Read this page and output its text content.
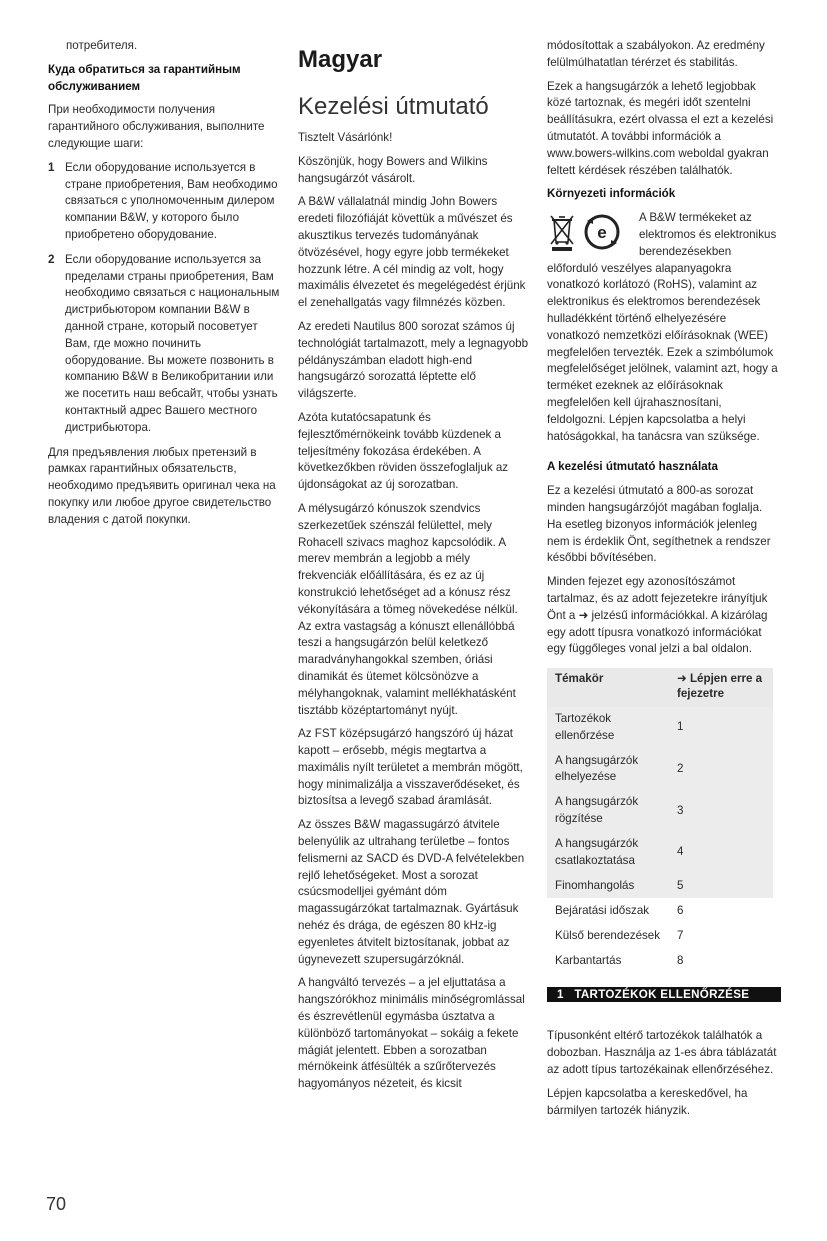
потребителя.

Куда обратиться за гарантийным обслуживанием

При необходимости получения гарантийного обслуживания, выполните следующие шаги:

1 Если оборудование используется в стране приобретения, Вам необходимо связаться с уполномоченным дилером компании B&W, у которого было приобретено оборудование.
2 Если оборудование используется за пределами страны приобретения, Вам необходимо связаться с национальным дистрибьютором компании B&W в данной стране, который посоветует Вам, где можно починить оборудование. Вы можете позвонить в компанию B&W в Великобритании или же посетить наш вебсайт, чтобы узнать контактный адрес Вашего местного дистрибьютора.

Для предъявления любых претензий в рамках гарантийных обязательств, необходимо предъявить оригинал чека на покупку или любое другое свидетельство владения с датой покупки.

Magyar
Kezelési útmutató

Tisztelt Vásárlónk!

Köszönjük, hogy Bowers and Wilkins hangsugárzót vásárolt.

A B&W vállalatnál mindig John Bowers eredeti filozófiáját követtük a művészet és akusztikus tervezés tudományának ötvözésével, hogy egyre jobb termékeket hozzunk létre. A cél mindig az volt, hogy maximális élvezetet és megelégedést érjünk el zenehallgatás vagy filmnézés közben.

Az eredeti Nautilus 800 sorozat számos új technológiát tartalmazott, mely a legnagyobb példányszámban eladott high-end hangsugárzó sorozattá léptette elő világszerte.

Azóta kutatócsapatunk és fejlesztőmérnökeink tovább küzdenek a teljesítmény fokozása érdekében. A következőkben röviden összefoglaljuk az újdonságokat az új sorozatban.

A mélysugárzó kónuszok szendvics szerkezetűek szénszál felülettel, mely Rohacell szivacs maghoz kapcsolódik. A merev membrán a legjobb a mély frekvenciák előállítására, és ez az új konstrukció lehetőséget ad a kónusz rész vékonyítására a tömeg növekedése nélkül. Az extra vastagság a kónuszt ellenállóbbá teszi a hangsugárzón belül keletkező maradványhangokkal szemben, óriási dinamikát és ütemet kölcsönözve a mélyhangoknak, valamint mellékhatásként tisztább középtartományt nyújt.

Az FST középsugárzó hangszóró új házat kapott – erősebb, mégis megtartva a maximális nyílt területet a membrán mögött, hogy minimalizálja a visszaverődéseket, és biztosítsa a levegő szabad áramlását.

Az összes B&W magassugárzó átvitele belenyúlik az ultrahang területbe – fontos felismerni az SACD és DVD-A felvételekben rejlő lehetőségeket. Most a sorozat csúcsmodelljei gyémánt dóm magassugárzókat tartalmaznak. Gyártásuk nehéz és drága, de egészen 80 kHz-ig egyenletes átvitelt biztosítanak, jobbat az úgynevezett szupersugárzóknál.

A hangváltó tervezés – a jel eljuttatása a hangszórókhoz minimális minőségromlással és észrevétlenül egymásba úsztatva a különböző tartományokat – sokáig a fekete mágiát jelentett. Ebben a sorozatban mérnökeink átfésülték a szűrőtervezés hagyományos nézeteit, és kicsit

módosítottak a szabályokon. Az eredmény felülmúlhatatlan térérzet és stabilitás.

Ezek a hangsugárzók a lehető legjobbak közé tartoznak, és megéri időt szentelni beállításukra, ezért olvassa el ezt a kezelési útmutatót. A további információk a www.bowers-wilkins.com weboldal gyakran feltett kérdések részében találhatók.

Környezeti információk

e
A B&W termékeket az elektromos és elektronikus berendezésekben előforduló veszélyes alapanyagokra vonatkozó korlátozó (RoHS), valamint az elektronikus és elektromos berendezések hulladékként történő elhelyezésére vonatkozó nemzetközi előírásoknak (WEE) megfelelően tervezték. Ezek a szimbólumok megfelelőséget jelölnek, valamint azt, hogy a terméket ezeknek az előírásoknak megfelelően kell újrahasznosítani, feldolgozni. Lépjen kapcsolatba a helyi hatóságokkal, ha tanácsra van szüksége.

A kezelési útmutató használata

Ez a kezelési útmutató a 800-as sorozat minden hangsugárzójót magában foglalja. Ha esetleg bizonyos információk jelenleg nem is érdeklik Önt, segíthetnek a rendszer későbbi bővítésében.

Minden fejezet egy azonosítószámot tartalmaz, és az adott fejezetekre irányítjuk Önt a ➜ jelzésű információkkal. A kizárólag egy adott típusra vonatkozó információkat egy függőleges vonal jelzi a bal oldalon.

Témakör	➜ Lépjen erre a fejezetre
Tartozékok ellenőrzése	1
A hangsugárzók elhelyezése	2
A hangsugárzók rögzítése	3
A hangsugárzók csatlakoztatása	4
Finomhangolás	5
Bejáratási időszak	6
Külső berendezések	7
Karbantartás	8
1 TARTOZÉKOK ELLENŐRZÉSE

Típusonként eltérő tartozékok találhatók a dobozban. Használja az 1-es ábra táblázatát az adott típus tartozékainak ellenőrzéséhez.

Lépjen kapcsolatba a kereskedővel, ha bármilyen tartozék hiányzik.

70
